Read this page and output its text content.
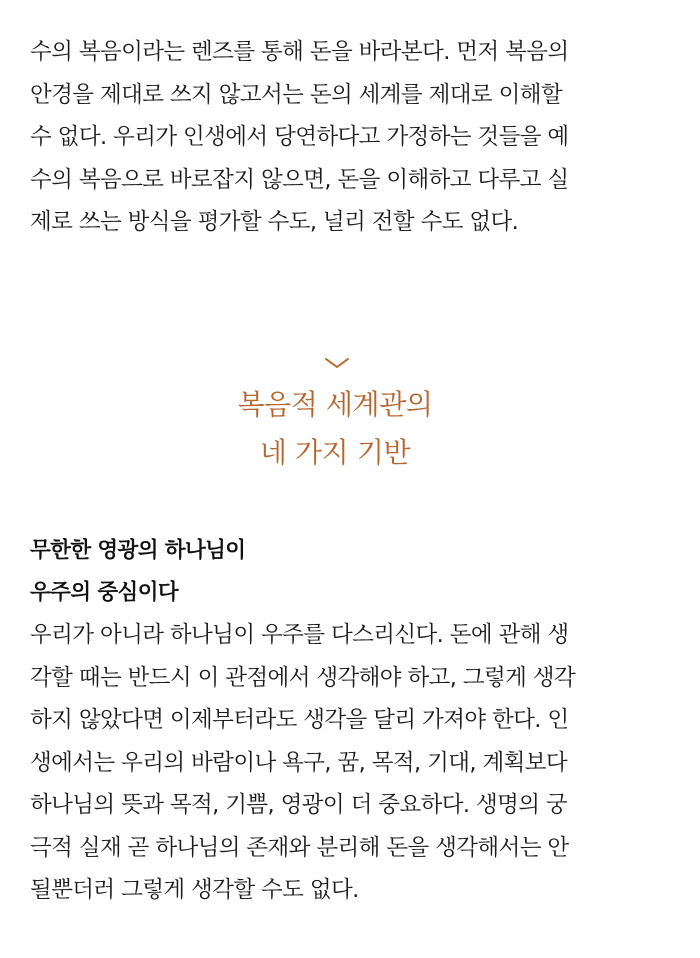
수의 복음이라는 렌즈를 통해 돈을 바라본다. 먼저 복음의
안경을 제대로 쓰지 않고서는 돈의 세계를 제대로 이해할
수 없다. 우리가 인생에서 당연하다고 가정하는 것들을 예
수의 복음으로 바로잡지 않으면, 돈을 이해하고 다루고 실
제로 쓰는 방식을 평가할 수도, 널리 전할 수도 없다.

복음적 세계관의
네 가지 기반
무한한 영광의 하나님이
우주의 중심이다

우리가 아니라 하나님이 우주를 다스리신다. 돈에 관해 생
각할 때는 반드시 이 관점에서 생각해야 하고, 그렇게 생각
하지 않았다면 이제부터라도 생각을 달리 가져야 한다. 인
생에서는 우리의 바람이나 욕구, 꿈, 목적, 기대, 계획보다
하나님의 뜻과 목적, 기쁨, 영광이 더 중요하다. 생명의 궁
극적 실재 곧 하나님의 존재와 분리해 돈을 생각해서는 안
될뿐더러 그렇게 생각할 수도 없다.
